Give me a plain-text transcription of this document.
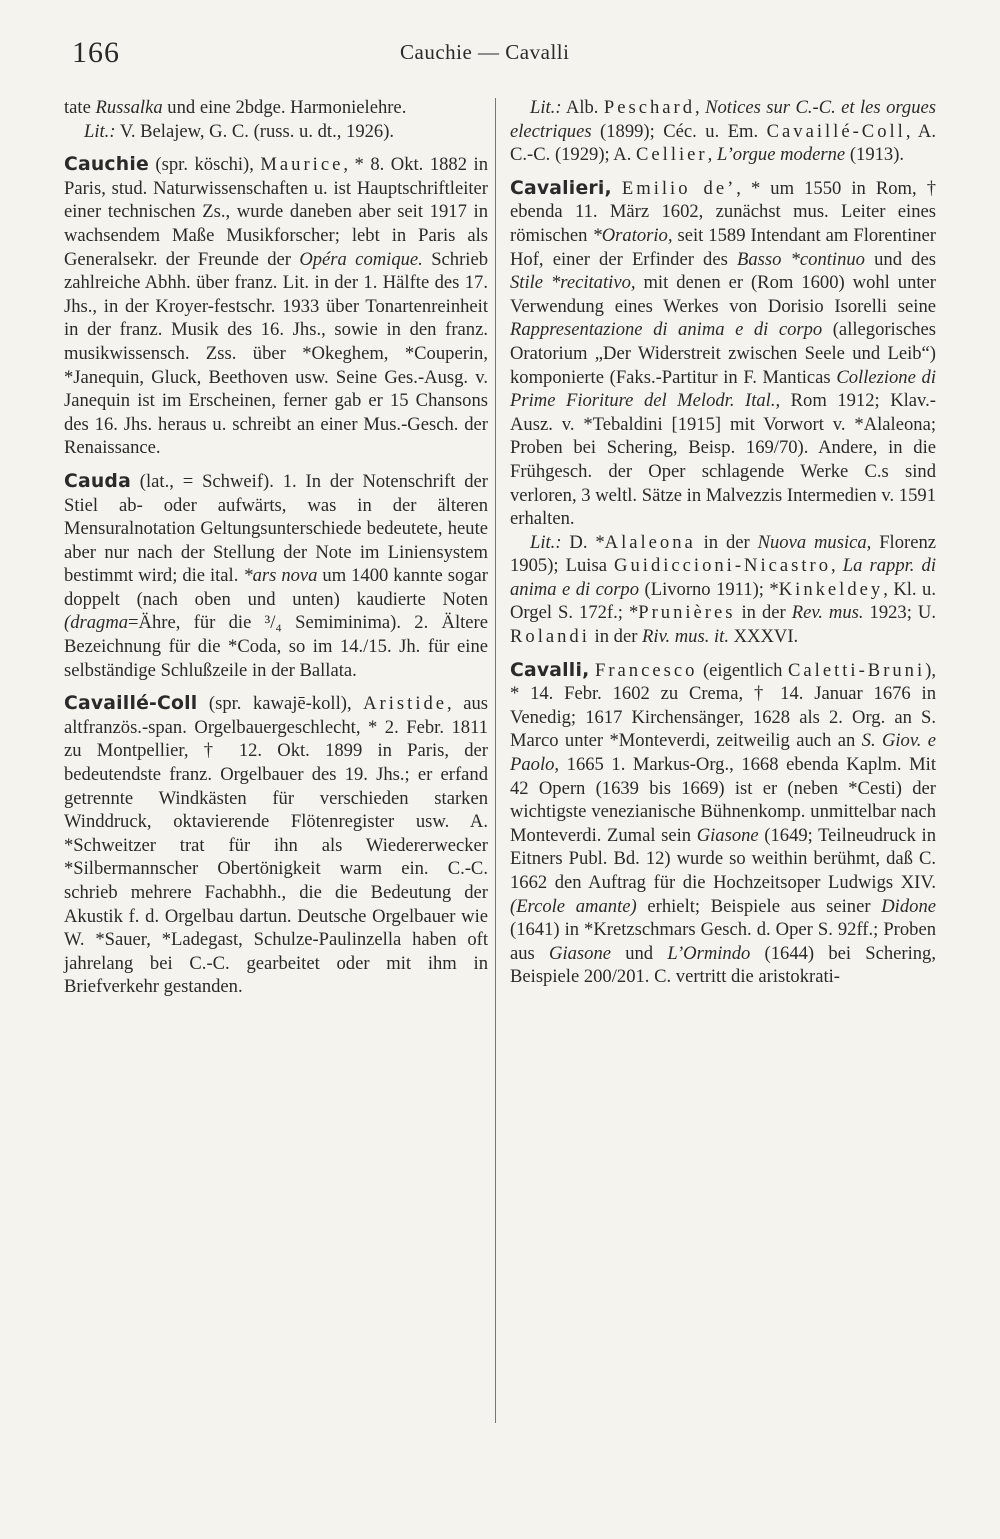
166	Cauchie — Cavalli

tate Russalka und eine 2bdge. Harmonielehre.

Lit.: V. Belajew, G. C. (russ. u. dt., 1926).

Cauchie (spr. köschi), Maurice, * 8. Okt. 1882 in Paris, stud. Naturwissenschaften u. ist Hauptschriftleiter einer technischen Zs., wurde daneben aber seit 1917 in wachsendem Maße Musikforscher; lebt in Paris als Generalsekr. der Freunde der Opéra comique. Schrieb zahlreiche Abhh. über franz. Lit. in der 1. Hälfte des 17. Jhs., in der Kroyer-festschr. 1933 über Tonartenreinheit in der franz. Musik des 16. Jhs., sowie in den franz. musikwissensch. Zss. über *Okeghem, *Couperin, *Janequin, Gluck, Beethoven usw. Seine Ges.-Ausg. v. Janequin ist im Erscheinen, ferner gab er 15 Chansons des 16. Jhs. heraus u. schreibt an einer Mus.-Gesch. der Renaissance.

Cauda (lat., = Schweif). 1. In der Notenschrift der Stiel ab- oder aufwärts, was in der älteren Mensuralnotation Geltungsunterschiede bedeutete, heute aber nur nach der Stellung der Note im Liniensystem bestimmt wird; die ital. *ars nova um 1400 kannte sogar doppelt (nach oben und unten) kaudierte Noten (dragma=Ähre, für die ³/₄ Semiminima). 2. Ältere Bezeichnung für die *Coda, so im 14./15. Jh. für eine selbständige Schlußzeile in der Ballata.

Cavaillé-Coll (spr. kawajē-koll), Aristide, aus altfranzös.-span. Orgelbauergeschlecht, * 2. Febr. 1811 zu Montpellier, † 12. Okt. 1899 in Paris, der bedeutendste franz. Orgelbauer des 19. Jhs.; er erfand getrennte Windkästen für verschieden starken Winddruck, oktavierende Flötenregister usw. A. *Schweitzer trat für ihn als Wiedererwecker *Silbermannscher Obertönigkeit warm ein. C.-C. schrieb mehrere Fachabhh., die die Bedeutung der Akustik f. d. Orgelbau dartun. Deutsche Orgelbauer wie W. *Sauer, *Ladegast, Schulze-Paulinzella haben oft jahrelang bei C.-C. gearbeitet oder mit ihm in Briefverkehr gestanden.

Lit.: Alb. Peschard, Notices sur C.-C. et les orgues electriques (1899); Céc. u. Em. Cavaillé-Coll, A. C.-C. (1929); A. Cellier, L’orgue moderne (1913).

Cavalieri, Emilio de’, * um 1550 in Rom, † ebenda 11. März 1602, zunächst mus. Leiter eines römischen *Oratorio, seit 1589 Intendant am Florentiner Hof, einer der Erfinder des Basso *continuo und des Stile *recitativo, mit denen er (Rom 1600) wohl unter Verwendung eines Werkes von Dorisio Isorelli seine Rappresentazione di anima e di corpo (allegorisches Oratorium „Der Widerstreit zwischen Seele und Leib“) komponierte (Faks.-Partitur in F. Manticas Collezione di Prime Fioriture del Melodr. Ital., Rom 1912; Klav.-Ausz. v. *Tebaldini [1915] mit Vorwort v. *Alaleona; Proben bei Schering, Beisp. 169/70). Andere, in die Frühgesch. der Oper schlagende Werke C.s sind verloren, 3 weltl. Sätze in Malvezzis Intermedien v. 1591 erhalten.

Lit.: D. *Alaleona in der Nuova musica, Florenz 1905); Luisa Guidiccioni-Nicastro, La rappr. di anima e di corpo (Livorno 1911); *Kinkeldey, Kl. u. Orgel S. 172f.; *Prunières in der Rev. mus. 1923; U. Rolandi in der Riv. mus. it. XXXVI.

Cavalli, Francesco (eigentlich Caletti-Bruni), * 14. Febr. 1602 zu Crema, † 14. Januar 1676 in Venedig; 1617 Kirchensänger, 1628 als 2. Org. an S. Marco unter *Monteverdi, zeitweilig auch an S. Giov. e Paolo, 1665 1. Markus-Org., 1668 ebenda Kaplm. Mit 42 Opern (1639 bis 1669) ist er (neben *Cesti) der wichtigste venezianische Bühnenkomp. unmittelbar nach Monteverdi. Zumal sein Giasone (1649; Teilneudruck in Eitners Publ. Bd. 12) wurde so weithin berühmt, daß C. 1662 den Auftrag für die Hochzeitsoper Ludwigs XIV. (Ercole amante) erhielt; Beispiele aus seiner Didone (1641) in *Kretzschmars Gesch. d. Oper S. 92ff.; Proben aus Giasone und L’Ormindo (1644) bei Schering, Beispiele 200/201. C. vertritt die aristokrati-
